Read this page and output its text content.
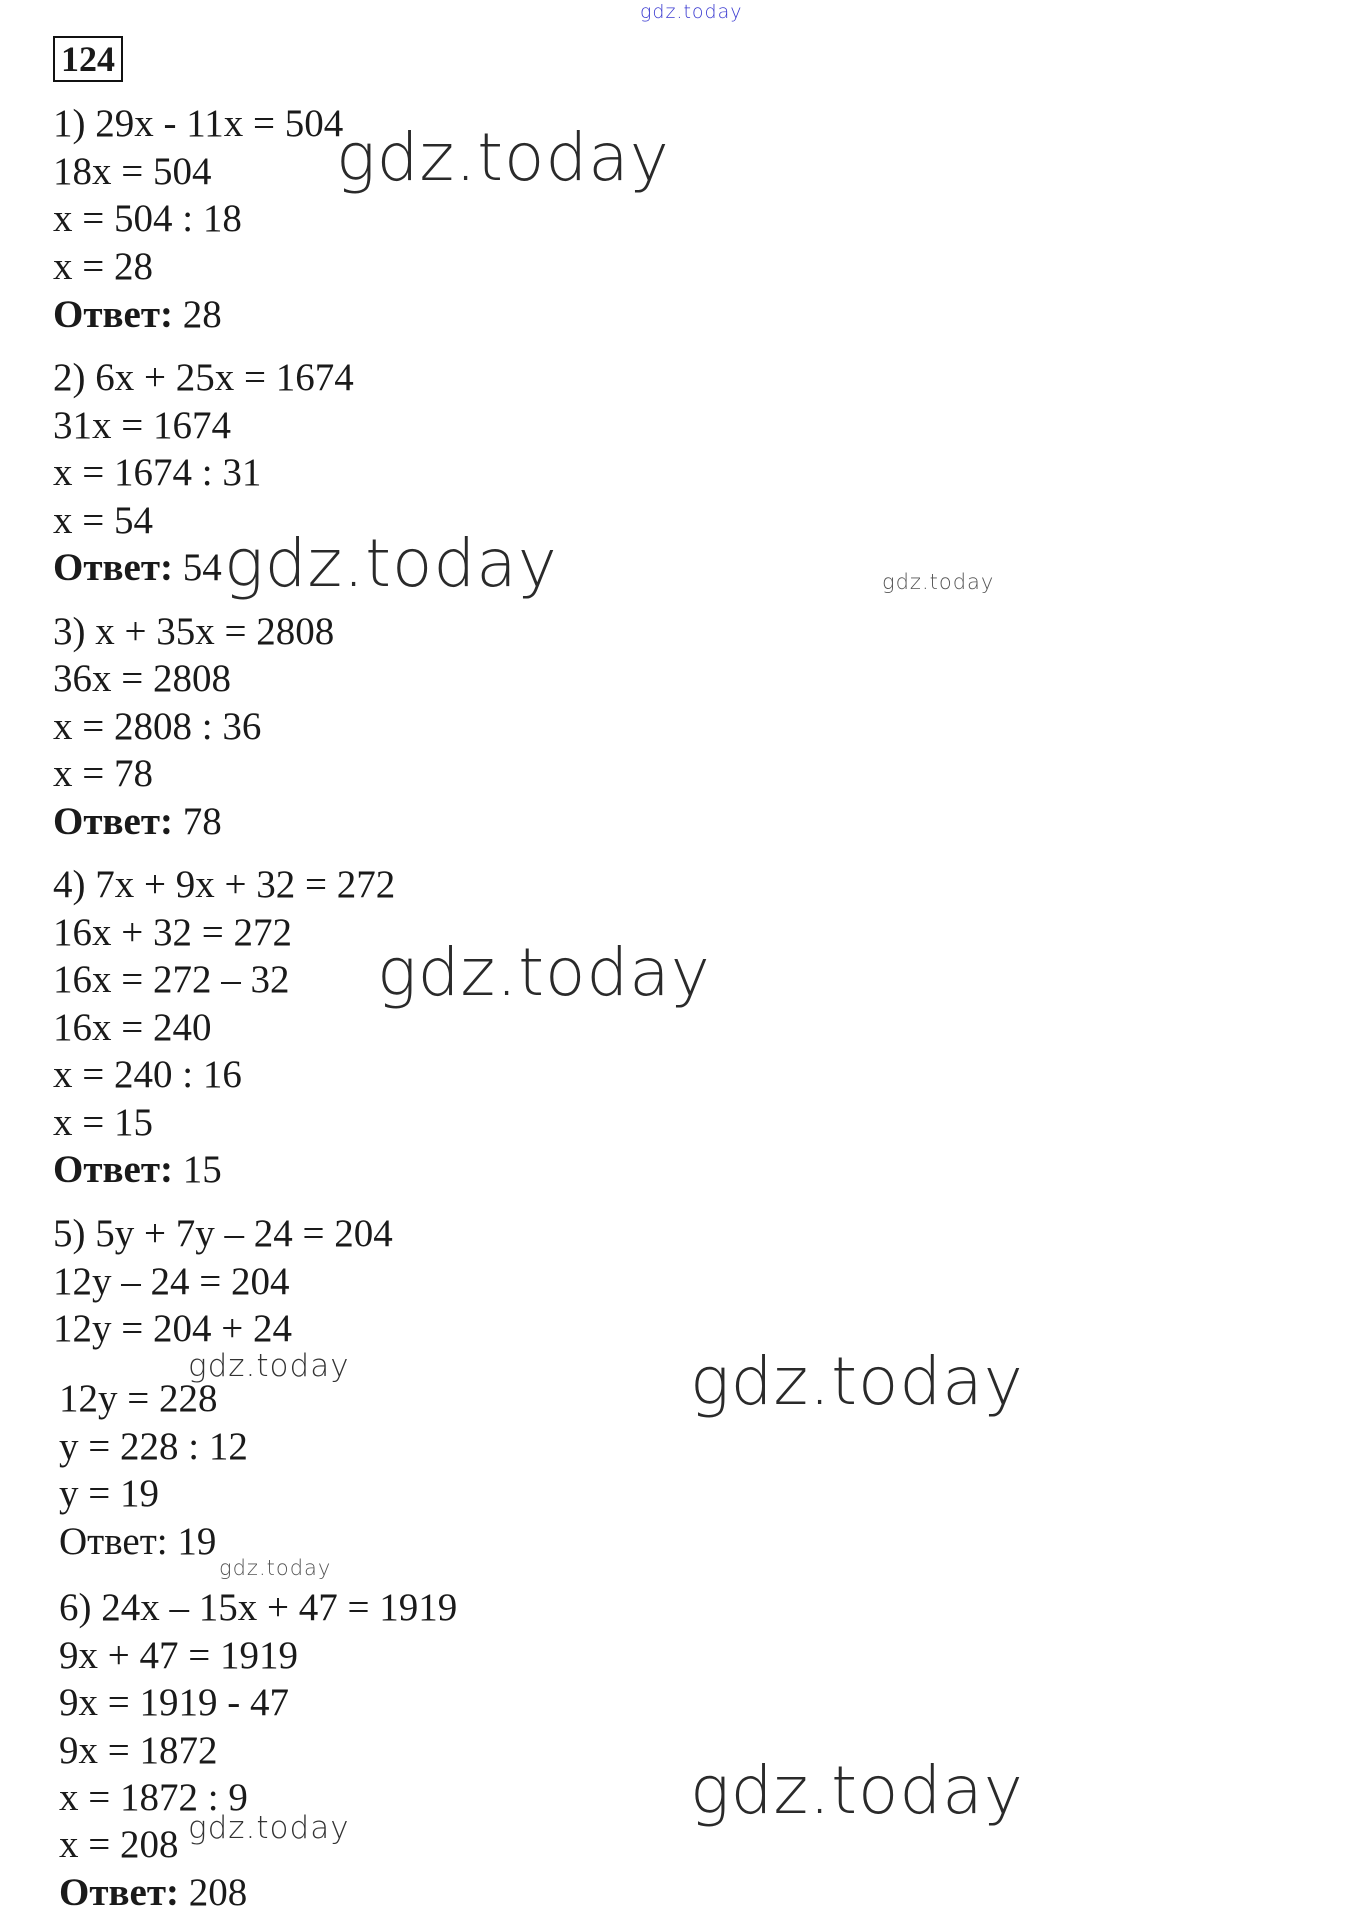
124
1) 29x - 11x = 504
18x = 504
x = 504 : 18
x = 28
Ответ: 28
2) 6x + 25x = 1674
31x = 1674
x = 1674 : 31
x = 54
Ответ: 54
3) x + 35x = 2808
36x = 2808
x = 2808 : 36
x = 78
Ответ: 78
4) 7x + 9x + 32 = 272
16x + 32 = 272
16x = 272 – 32
16x = 240
x = 240 : 16
x = 15
Ответ: 15
5) 5y + 7y – 24 = 204
12y – 24 = 204
12y = 204 + 24
12y = 228
y = 228 : 12
y = 19
Ответ: 19
6) 24x – 15x + 47 = 1919
9x + 47 = 1919
9x = 1919 - 47
9x = 1872
x = 1872 : 9
x = 208
Ответ: 208
gdz.today
gdz.today
gdz.today	gdz.today
gdz.today
gdz.today	gdz.today
gdz.today
gdz.today
gdz.today
